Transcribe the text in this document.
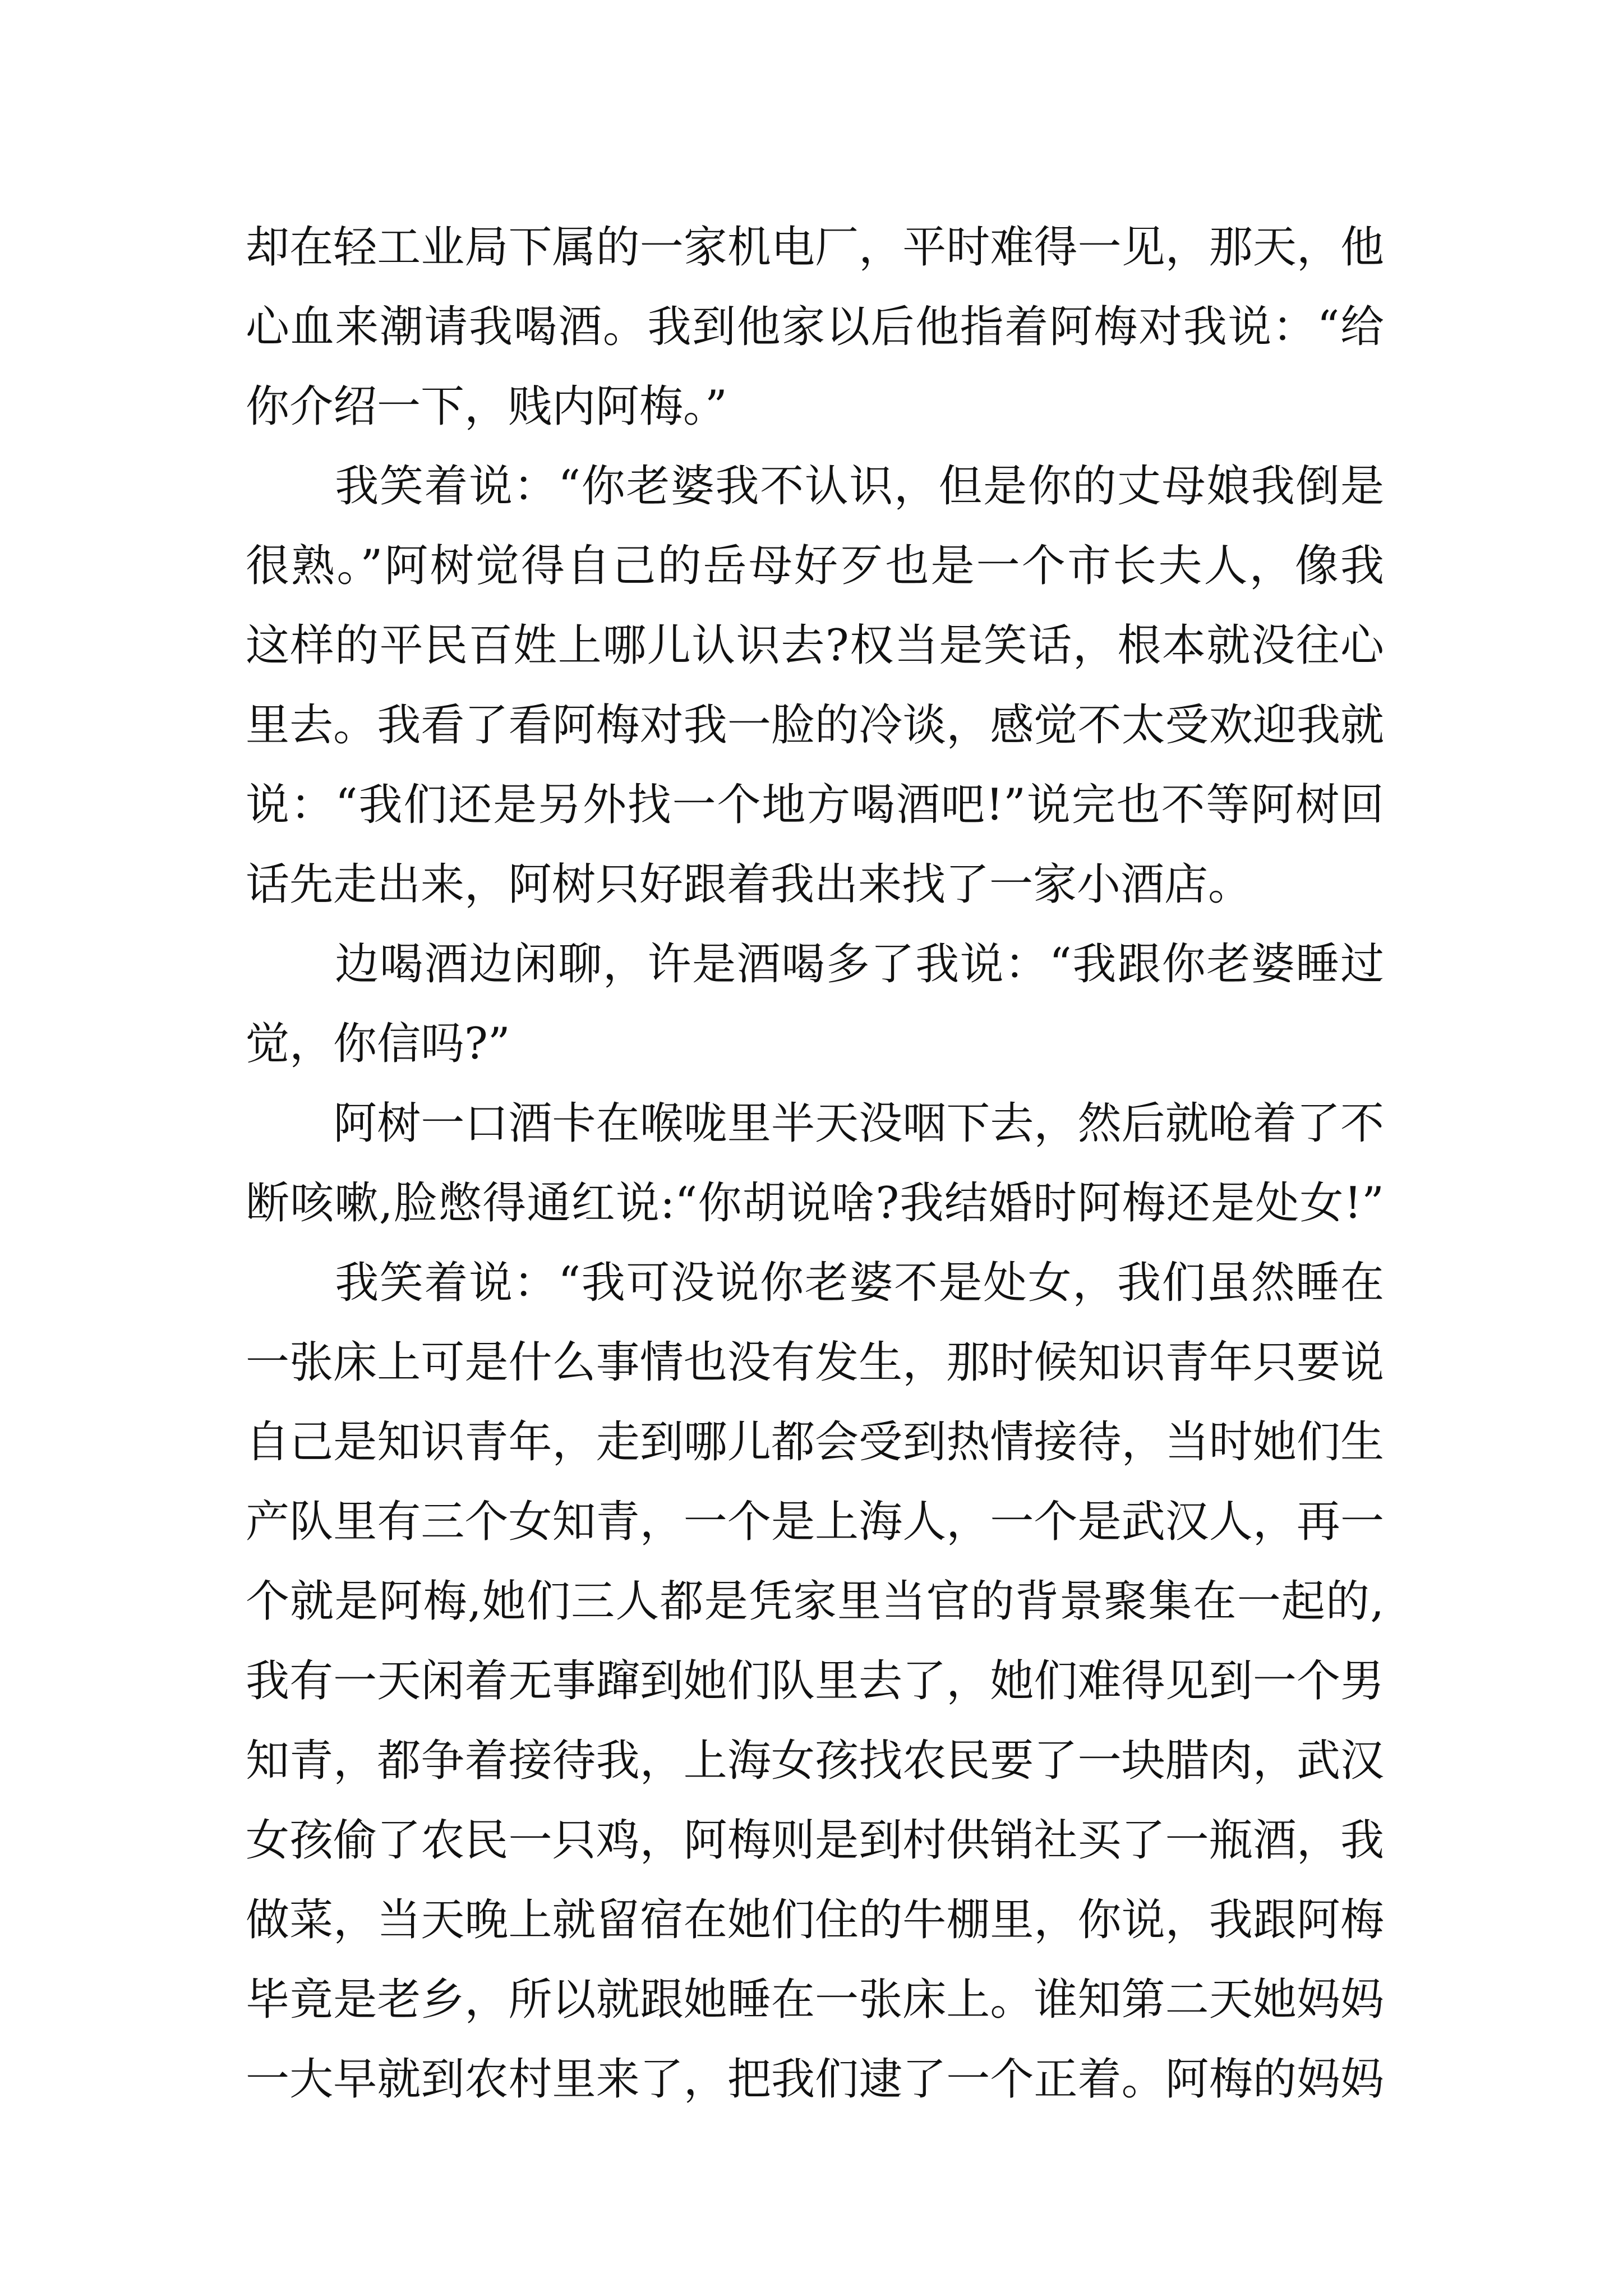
却在轻工业局下属的一家机电厂，平时难得一见，那天，他
心血来潮请我喝酒。我到他家以后他指着阿梅对我说：“给
你介绍一下，贱内阿梅。”
　　我笑着说：“你老婆我不认识，但是你的丈母娘我倒是
很熟。”阿树觉得自己的岳母好歹也是一个市长夫人，像我
这样的平民百姓上哪儿认识去?权当是笑话，根本就没往心
里去。我看了看阿梅对我一脸的冷谈，感觉不太受欢迎我就
说：“我们还是另外找一个地方喝酒吧!”说完也不等阿树回
话先走出来，阿树只好跟着我出来找了一家小酒店。
　　边喝酒边闲聊，许是酒喝多了我说：“我跟你老婆睡过
觉，你信吗?”
　　阿树一口酒卡在喉咙里半天没咽下去，然后就呛着了不
断咳嗽,脸憋得通红说:“你胡说啥?我结婚时阿梅还是处女!”
　　我笑着说：“我可没说你老婆不是处女，我们虽然睡在
一张床上可是什么事情也没有发生，那时候知识青年只要说
自己是知识青年，走到哪儿都会受到热情接待，当时她们生
产队里有三个女知青，一个是上海人，一个是武汉人，再一
个就是阿梅,她们三人都是凭家里当官的背景聚集在一起的,
我有一天闲着无事蹿到她们队里去了，她们难得见到一个男
知青，都争着接待我，上海女孩找农民要了一块腊肉，武汉
女孩偷了农民一只鸡，阿梅则是到村供销社买了一瓶酒，我
做菜，当天晚上就留宿在她们住的牛棚里，你说，我跟阿梅
毕竟是老乡，所以就跟她睡在一张床上。谁知第二天她妈妈
一大早就到农村里来了，把我们逮了一个正着。阿梅的妈妈
